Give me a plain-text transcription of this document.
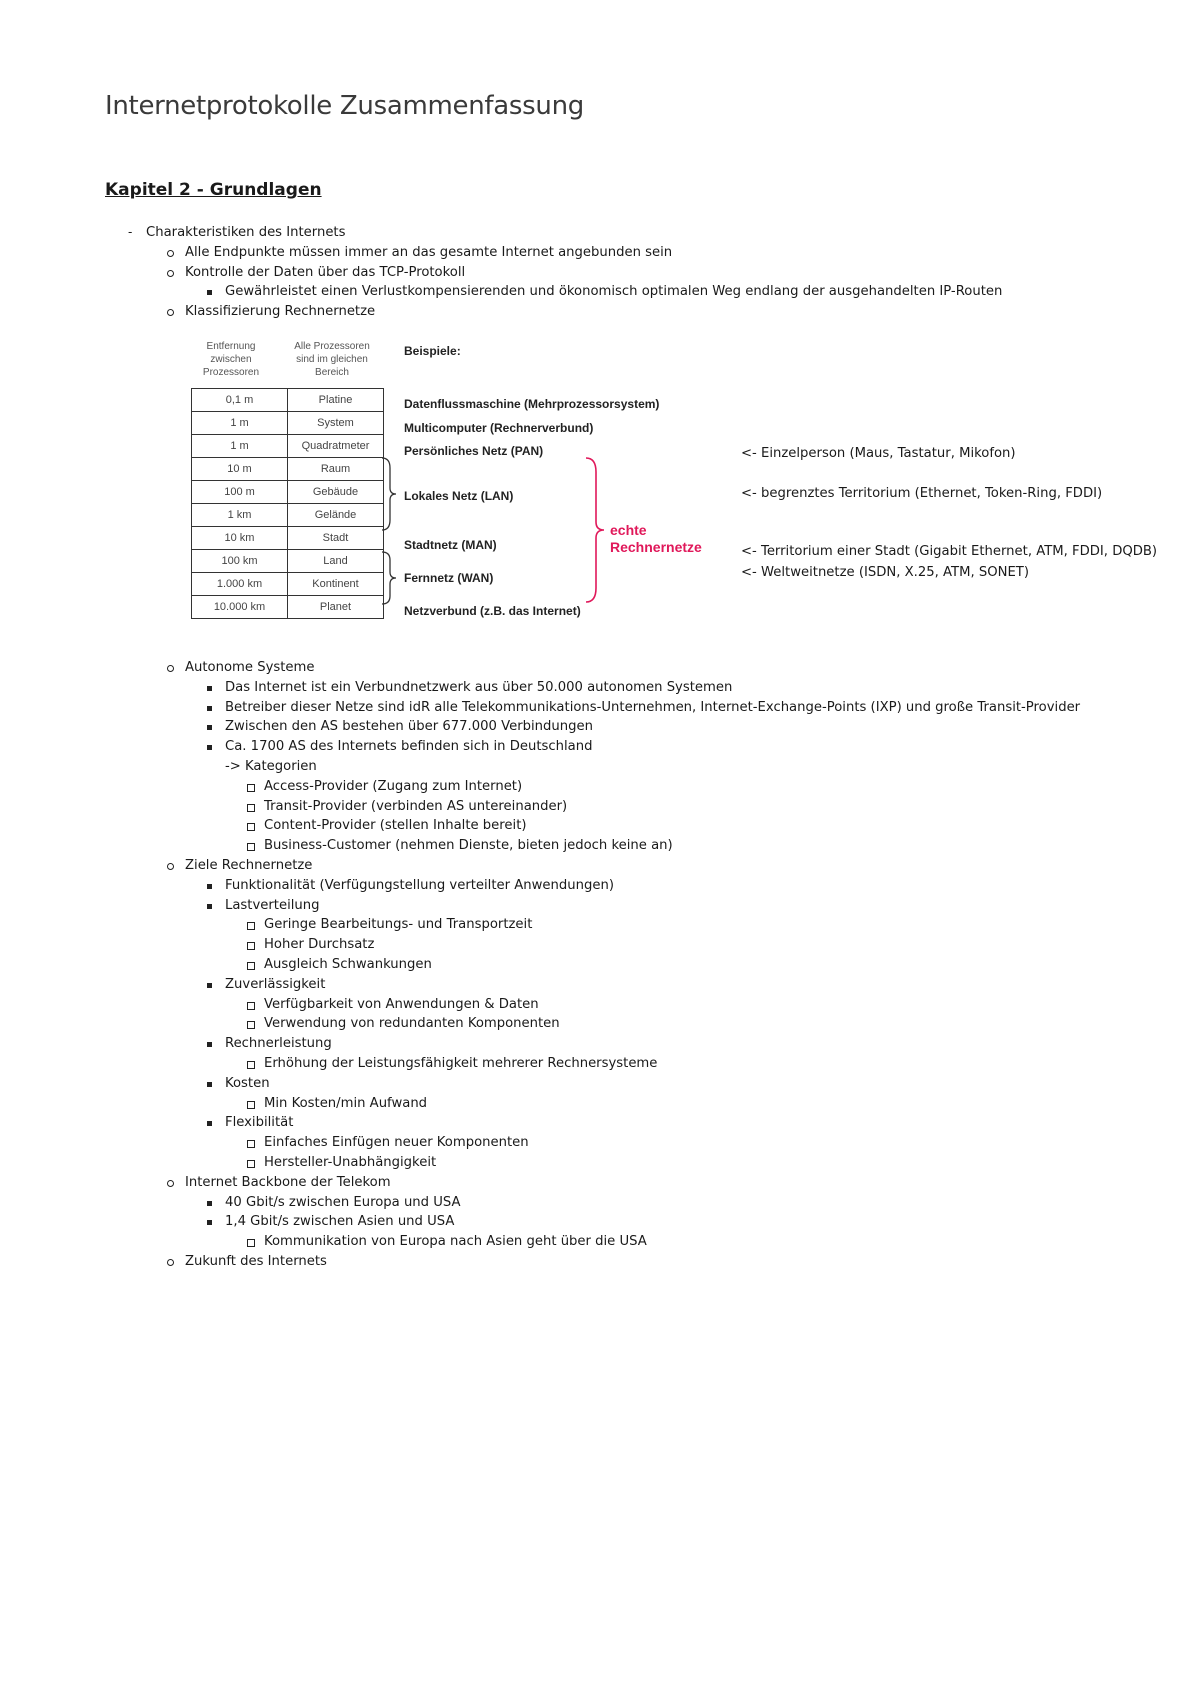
Internetprotokolle Zusammenfassung
Kapitel 2 - Grundlagen
- Charakteristiken des Internets
Alle Endpunkte müssen immer an das gesamte Internet angebunden sein
Kontrolle der Daten über das TCP-Protokoll
Gewährleistet einen Verlustkompensierenden und ökonomisch optimalen Weg endlang der ausgehandelten IP-Routen
Klassifizierung Rechnernetze
Entfernung zwischen Prozessoren
Alle Prozessoren sind im gleichen Bereich
Beispiele:
0,1 m	Platine
1 m	System
1 m	Quadratmeter
10 m	Raum
100 m	Gebäude
1 km	Gelände
10 km	Stadt
100 km	Land
1.000 km	Kontinent
10.000 km	Planet
Datenflussmaschine (Mehrprozessorsystem)
Multicomputer (Rechnerverbund)
Persönliches Netz (PAN)
Lokales Netz (LAN)
Stadtnetz (MAN)
Fernnetz (WAN)
Netzverbund (z.B. das Internet)
echte
Rechnernetze
<- Einzelperson (Maus, Tastatur, Mikofon)
<- begrenztes Territorium (Ethernet, Token-Ring, FDDI)
<- Territorium einer Stadt (Gigabit Ethernet, ATM, FDDI, DQDB)
<- Weltweitnetze (ISDN, X.25, ATM, SONET)
Autonome Systeme
Das Internet ist ein Verbundnetzwerk aus über 50.000 autonomen Systemen
Betreiber dieser Netze sind idR alle Telekommunikations-Unternehmen, Internet-Exchange-Points (IXP) und große Transit-Provider
Zwischen den AS bestehen über 677.000 Verbindungen
Ca. 1700 AS des Internets befinden sich in Deutschland
-> Kategorien
Access-Provider (Zugang zum Internet)
Transit-Provider (verbinden AS untereinander)
Content-Provider (stellen Inhalte bereit)
Business-Customer (nehmen Dienste, bieten jedoch keine an)
Ziele Rechnernetze
Funktionalität (Verfügungstellung verteilter Anwendungen)
Lastverteilung
Geringe Bearbeitungs- und Transportzeit
Hoher Durchsatz
Ausgleich Schwankungen
Zuverlässigkeit
Verfügbarkeit von Anwendungen & Daten
Verwendung von redundanten Komponenten
Rechnerleistung
Erhöhung der Leistungsfähigkeit mehrerer Rechnersysteme
Kosten
Min Kosten/min Aufwand
Flexibilität
Einfaches Einfügen neuer Komponenten
Hersteller-Unabhängigkeit
Internet Backbone der Telekom
40 Gbit/s zwischen Europa und USA
1,4 Gbit/s zwischen Asien und USA
Kommunikation von Europa nach Asien geht über die USA
Zukunft des Internets
